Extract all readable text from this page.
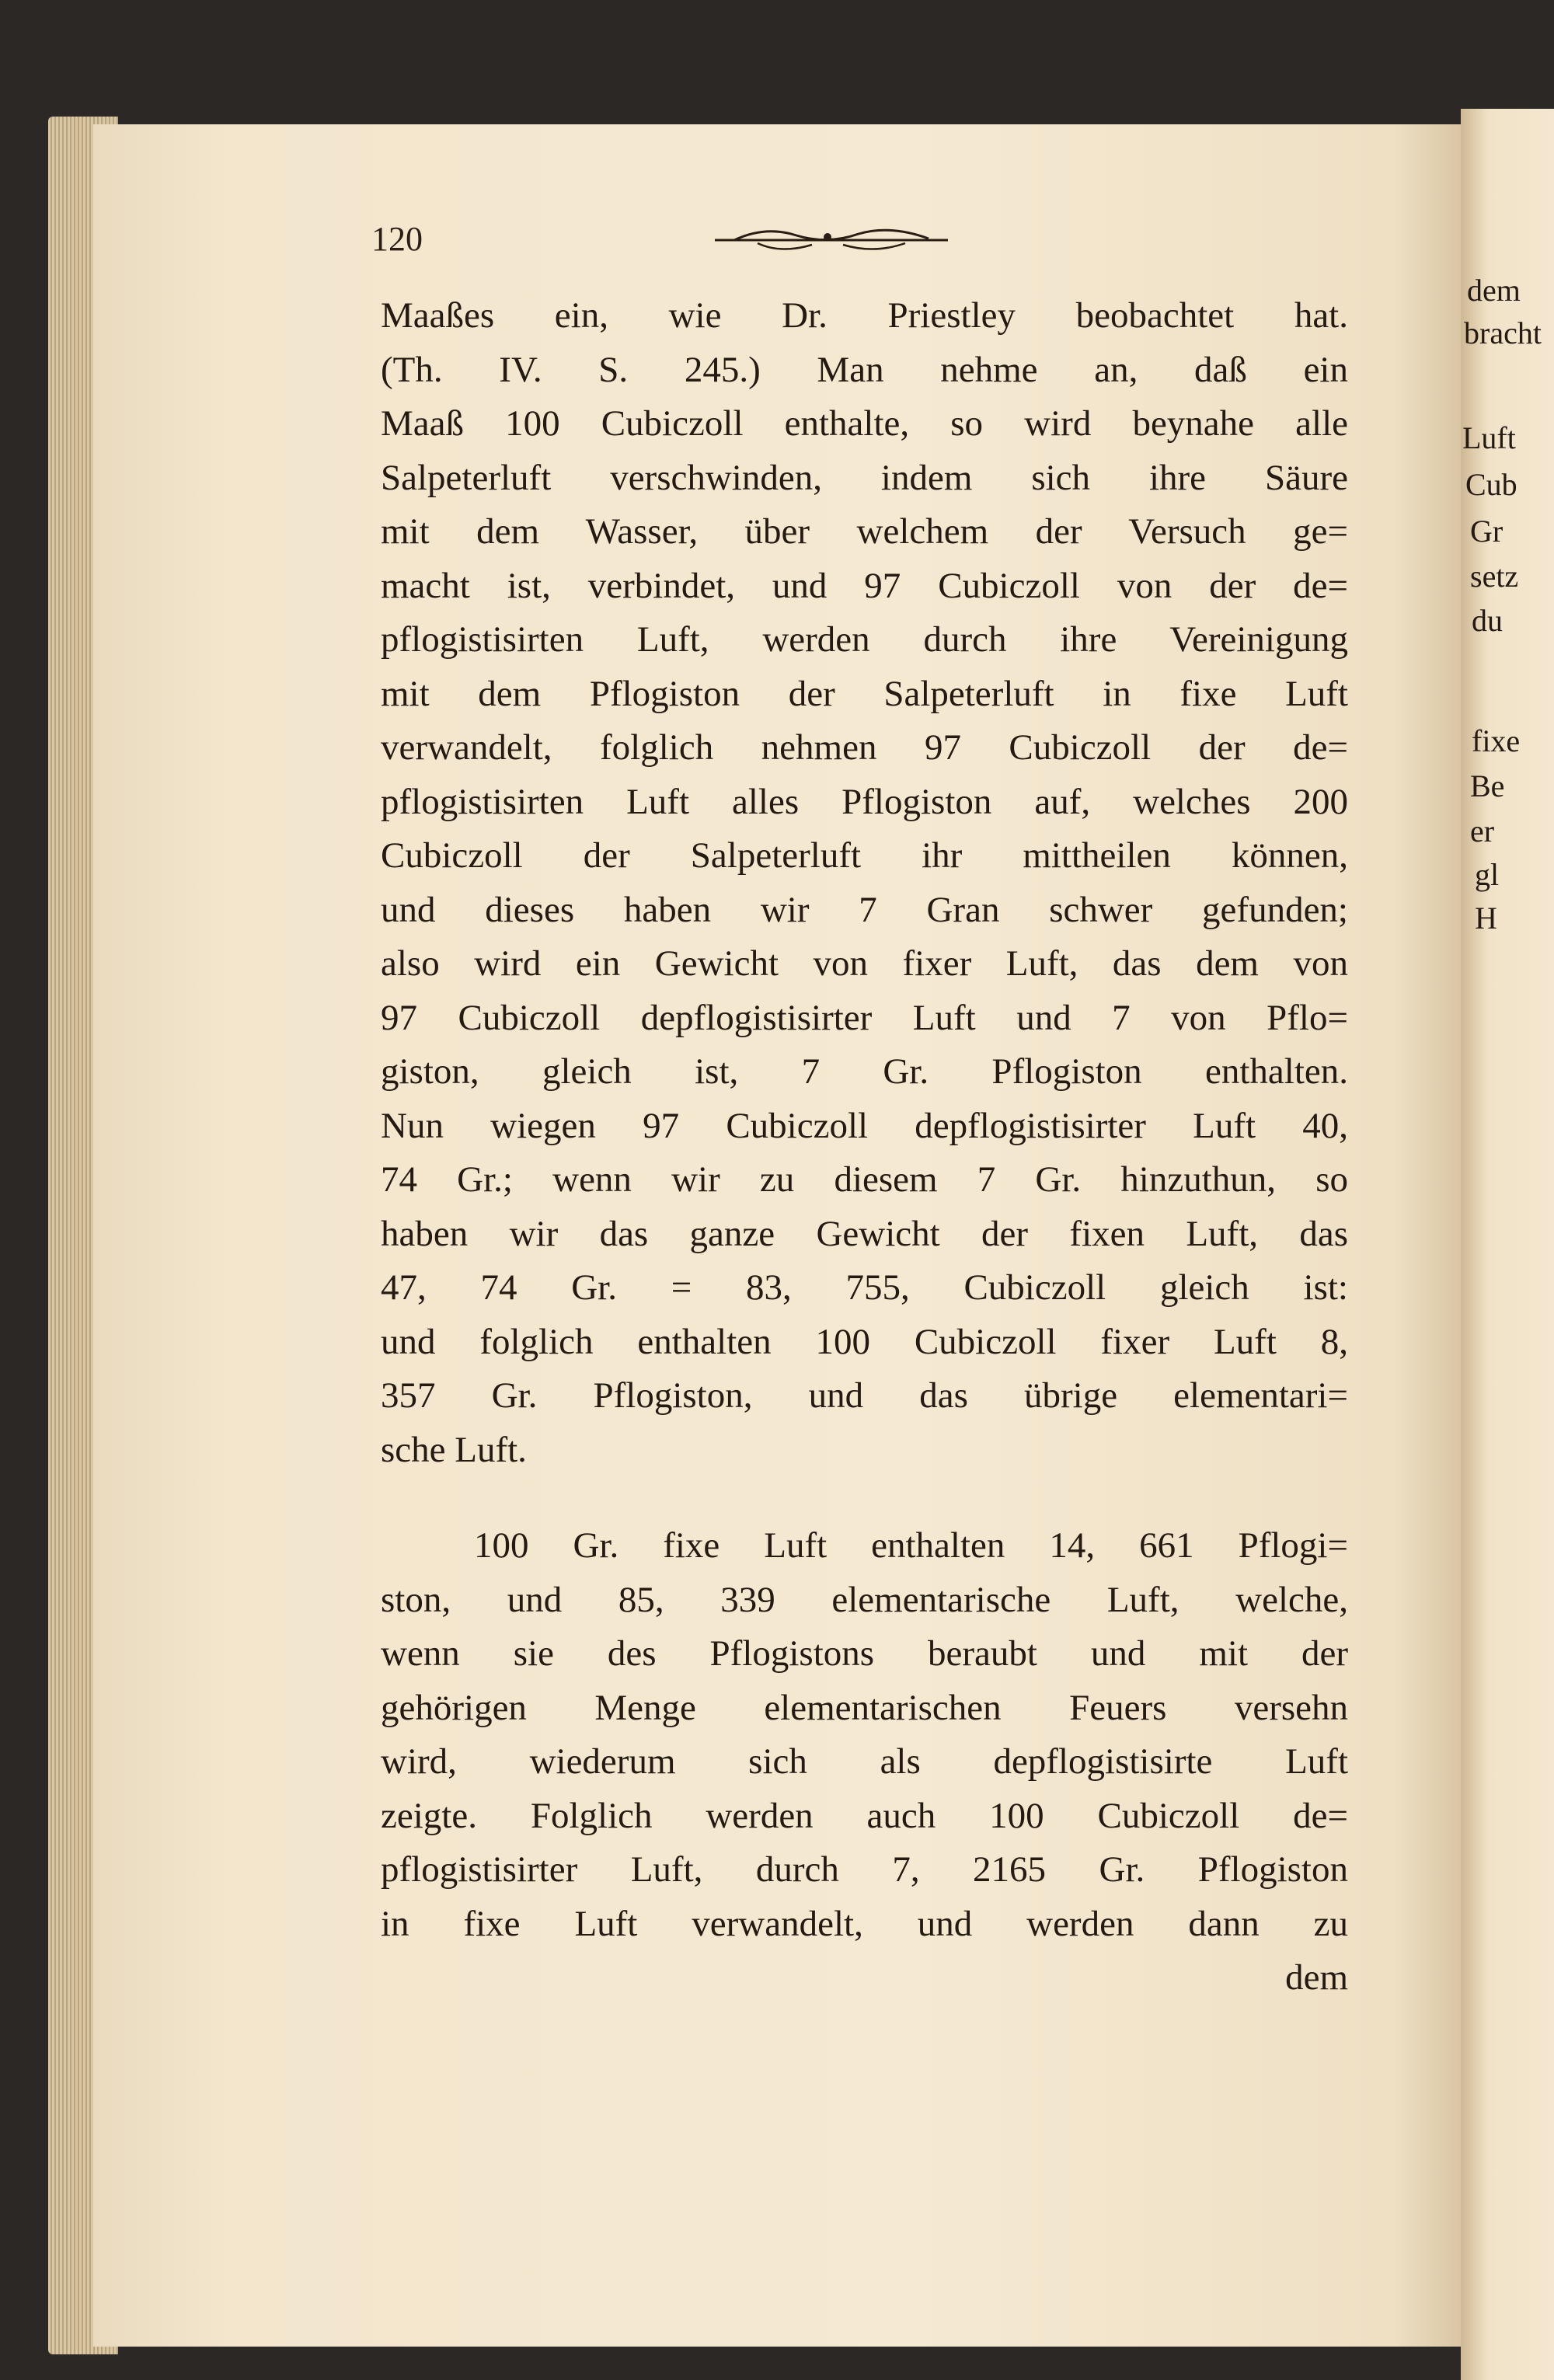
dem
bracht
Luft
Cub
Gr
setz
du
fixe
Be
er
gl
H
120
Maaßes ein, wie Dr. Priestley beobachtet hat.
(Th. IV. S. 245.) Man nehme an, daß ein
Maaß 100 Cubiczoll enthalte, so wird beynahe alle
Salpeterluft verschwinden, indem sich ihre Säure
mit dem Wasser, über welchem der Versuch ge=
macht ist, verbindet, und 97 Cubiczoll von der de=
pflogistisirten Luft, werden durch ihre Vereinigung
mit dem Pflogiston der Salpeterluft in fixe Luft
verwandelt, folglich nehmen 97 Cubiczoll der de=
pflogistisirten Luft alles Pflogiston auf, welches 200
Cubiczoll der Salpeterluft ihr mittheilen können,
und dieses haben wir 7 Gran schwer gefunden;
also wird ein Gewicht von fixer Luft, das dem von
97 Cubiczoll depflogistisirter Luft und 7 von Pflo=
giston, gleich ist, 7 Gr. Pflogiston enthalten.
Nun wiegen 97 Cubiczoll depflogistisirter Luft 40,
74 Gr.; wenn wir zu diesem 7 Gr. hinzuthun, so
haben wir das ganze Gewicht der fixen Luft, das
47, 74 Gr. = 83, 755, Cubiczoll gleich ist:
und folglich enthalten 100 Cubiczoll fixer Luft 8,
357 Gr. Pflogiston, und das übrige elementari=
sche Luft.
100 Gr. fixe Luft enthalten 14, 661 Pflogi=
ston, und 85, 339 elementarische Luft, welche,
wenn sie des Pflogistons beraubt und mit der
gehörigen Menge elementarischen Feuers versehn
wird, wiederum sich als depflogistisirte Luft
zeigte. Folglich werden auch 100 Cubiczoll de=
pflogistisirter Luft, durch 7, 2165 Gr. Pflogiston
in fixe Luft verwandelt, und werden dann zu
dem
